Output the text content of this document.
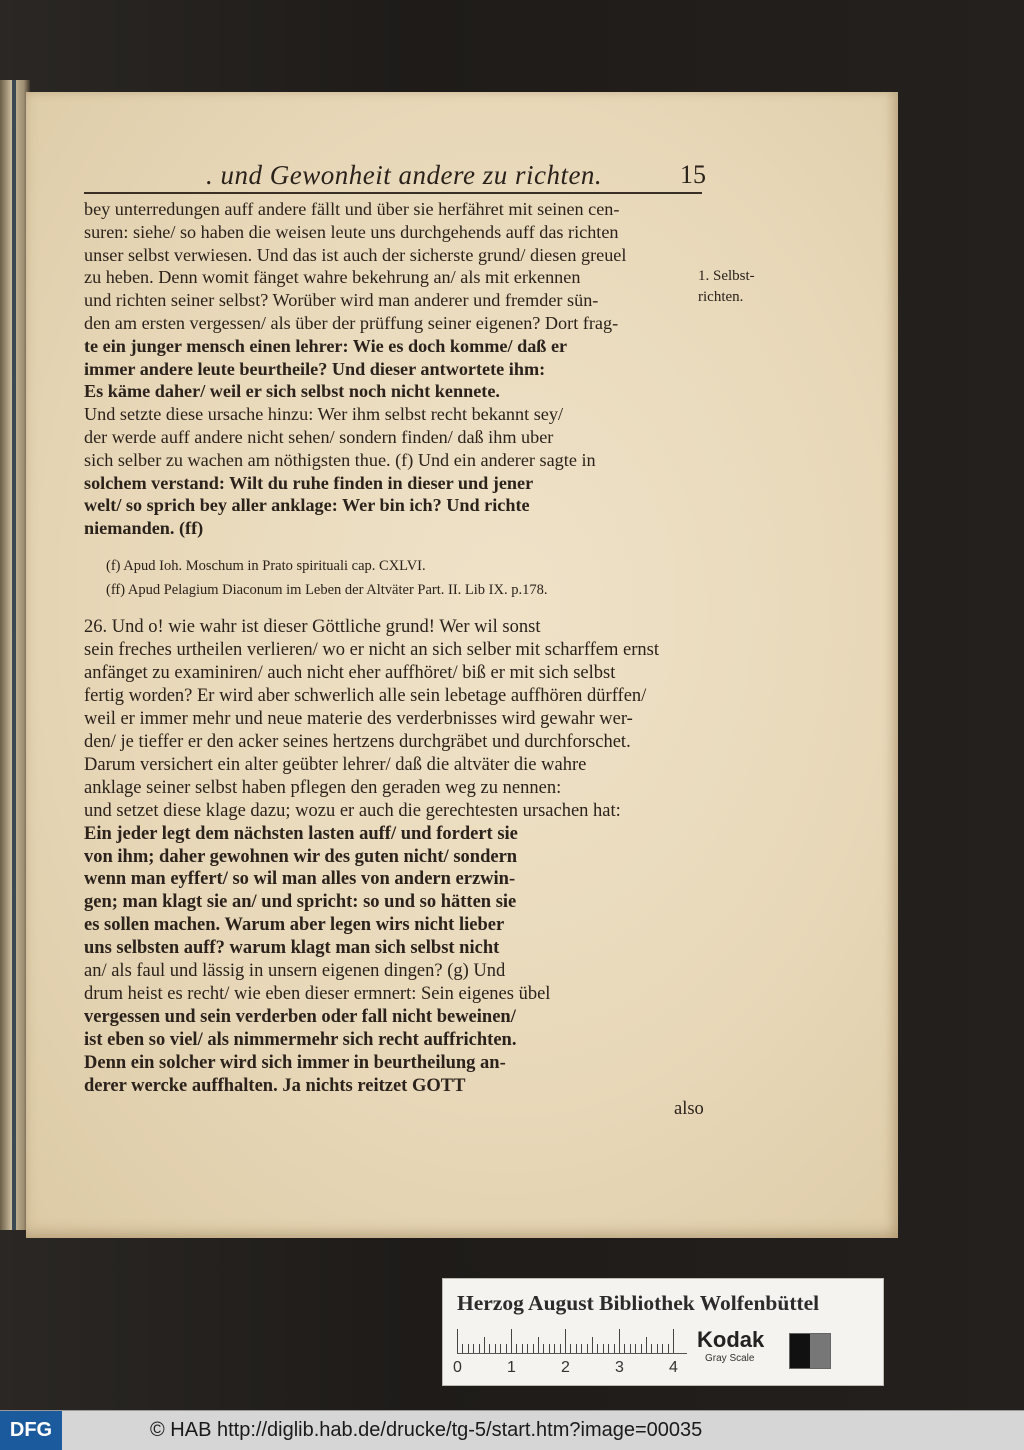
. und Gewonheit andere zu richten.	15
bey unterredungen auff andere fällt und über sie herfähret mit seinen cen-
suren: siehe/ so haben die weisen leute uns durchgehends auff das richten
unser selbst verwiesen. Und das ist auch der sicherste grund/ diesen greuel
zu heben. Denn womit fänget wahre bekehrung an/ als mit erkennen
und richten seiner selbst? Worüber wird man anderer und fremder sün-
den am ersten vergessen/ als über der prüffung seiner eigenen? Dort frag-
te ein junger mensch einen lehrer: Wie es doch komme/ daß er
immer andere leute beurtheile? Und dieser antwortete ihm:
Es käme daher/ weil er sich selbst noch nicht kennete.
Und setzte diese ursache hinzu: Wer ihm selbst recht bekannt sey/
der werde auff andere nicht sehen/ sondern finden/ daß ihm uber
sich selber zu wachen am nöthigsten thue. (f) Und ein anderer sagte in
solchem verstand: Wilt du ruhe finden in dieser und jener
welt/ so sprich bey aller anklage: Wer bin ich? Und richte
niemanden. (ff)
1. Selbst-
richten.
(f) Apud Ioh. Moschum in Prato spirituali cap. CXLVI.
(ff) Apud Pelagium Diaconum im Leben der Altväter Part. II. Lib IX. p.178.
26. Und o! wie wahr ist dieser Göttliche grund! Wer wil sonst
sein freches urtheilen verlieren/ wo er nicht an sich selber mit scharffem ernst
anfänget zu examiniren/ auch nicht eher auffhöret/ biß er mit sich selbst
fertig worden? Er wird aber schwerlich alle sein lebetage auffhören dürffen/
weil er immer mehr und neue materie des verderbnisses wird gewahr wer-
den/ je tieffer er den acker seines hertzens durchgräbet und durchforschet.
Darum versichert ein alter geübter lehrer/ daß die altväter die wahre
anklage seiner selbst haben pflegen den geraden weg zu nennen:
und setzet diese klage dazu; wozu er auch die gerechtesten ursachen hat:
Ein jeder legt dem nächsten lasten auff/ und fordert sie
von ihm; daher gewohnen wir des guten nicht/ sondern
wenn man eyffert/ so wil man alles von andern erzwin-
gen; man klagt sie an/ und spricht: so und so hätten sie
es sollen machen. Warum aber legen wirs nicht lieber
uns selbsten auff? warum klagt man sich selbst nicht
an/ als faul und lässig in unsern eigenen dingen? (g) Und
drum heist es recht/ wie eben dieser ermnert: Sein eigenes übel
vergessen und sein verderben oder fall nicht beweinen/
ist eben so viel/ als nimmermehr sich recht auffrichten.
Denn ein solcher wird sich immer in beurtheilung an-
derer wercke auffhalten. Ja nichts reitzet GOTT
also
Herzog August Bibliothek Wolfenbüttel
0	1	2	3	4
Kodak
Gray Scale
DFG	© HAB http://diglib.hab.de/drucke/tg-5/start.htm?image=00035
